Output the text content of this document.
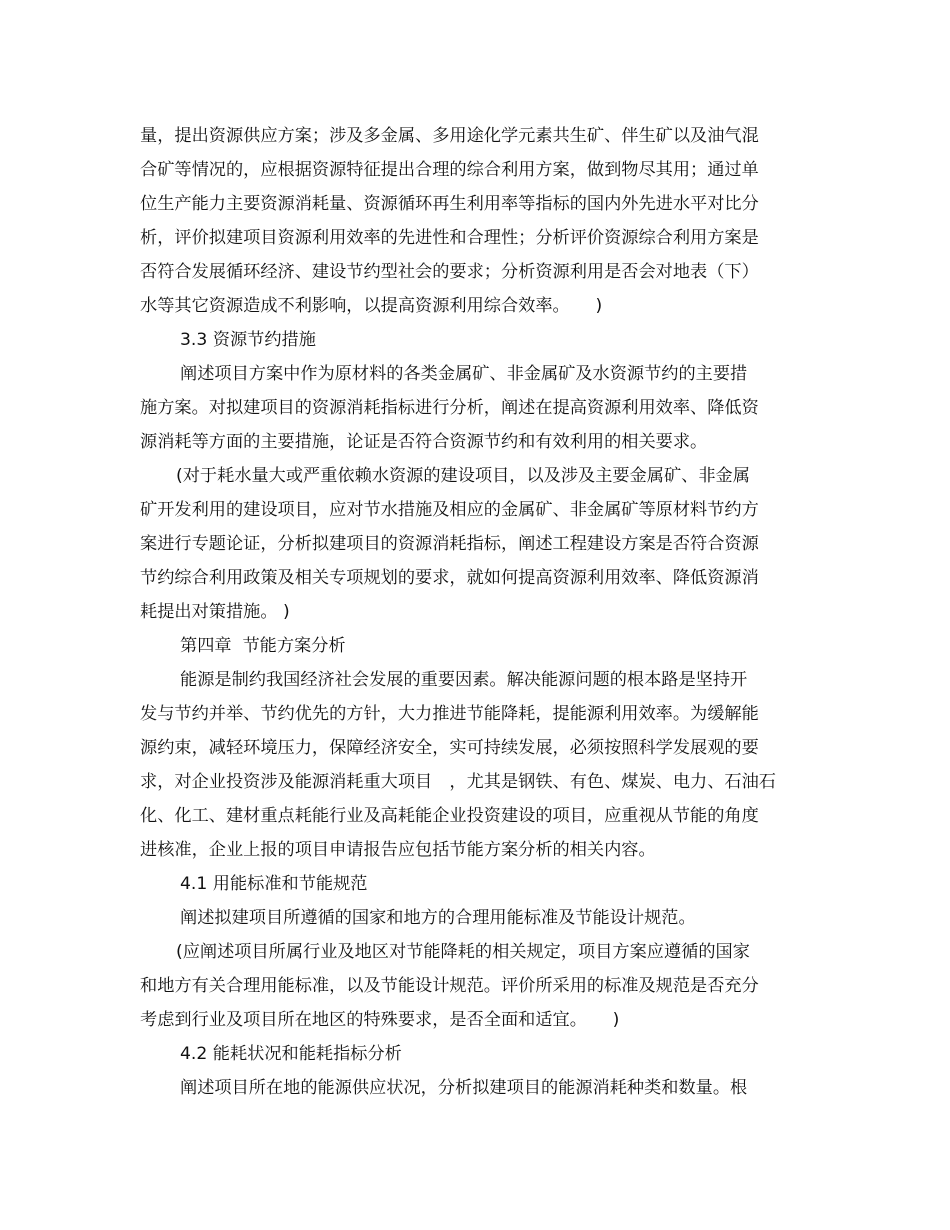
量，提出资源供应方案；涉及多金属、多用途化学元素共生矿、伴生矿以及油气混
合矿等情况的，应根据资源特征提出合理的综合利用方案，做到物尽其用；通过单
位生产能力主要资源消耗量、资源循环再生利用率等指标的国内外先进水平对比分
析，评价拟建项目资源利用效率的先进性和合理性；分析评价资源综合利用方案是
否符合发展循环经济、建设节约型社会的要求；分析资源利用是否会对地表（下）
水等其它资源造成不利影响，以提高资源利用综合效率。　　)
3.3 资源节约措施
阐述项目方案中作为原材料的各类金属矿、非金属矿及水资源节约的主要措
施方案。对拟建项目的资源消耗指标进行分析，阐述在提高资源利用效率、降低资
源消耗等方面的主要措施，论证是否符合资源节约和有效利用的相关要求。
(对于耗水量大或严重依赖水资源的建设项目，以及涉及主要金属矿、非金属
矿开发利用的建设项目，应对节水措施及相应的金属矿、非金属矿等原材料节约方
案进行专题论证，分析拟建项目的资源消耗指标，阐述工程建设方案是否符合资源
节约综合利用政策及相关专项规划的要求，就如何提高资源利用效率、降低资源消
耗提出对策措施。 )
第四章  节能方案分析
能源是制约我国经济社会发展的重要因素。解决能源问题的根本路是坚持开
发与节约并举、节约优先的方针，大力推进节能降耗，提能源利用效率。为缓解能
源约束，减轻环境压力，保障经济安全，实可持续发展，必须按照科学发展观的要
求，对企业投资涉及能源消耗重大项目　，尤其是钢铁、有色、煤炭、电力、石油石
化、化工、建材重点耗能行业及高耗能企业投资建设的项目，应重视从节能的角度
进核准，企业上报的项目申请报告应包括节能方案分析的相关内容。
4.1 用能标准和节能规范
阐述拟建项目所遵循的国家和地方的合理用能标准及节能设计规范。
(应阐述项目所属行业及地区对节能降耗的相关规定，项目方案应遵循的国家
和地方有关合理用能标准，以及节能设计规范。评价所采用的标准及规范是否充分
考虑到行业及项目所在地区的特殊要求，是否全面和适宜。　　)
4.2 能耗状况和能耗指标分析
阐述项目所在地的能源供应状况，分析拟建项目的能源消耗种类和数量。根
